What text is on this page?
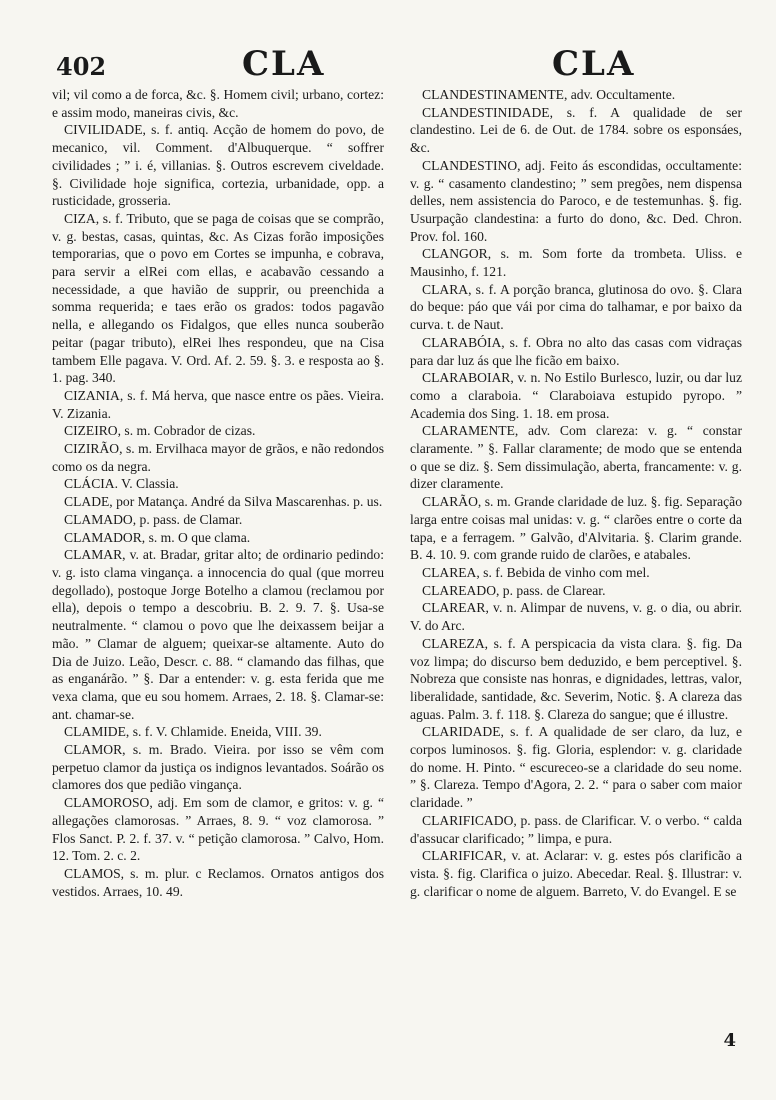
402	CLA	CLA

vil; vil como a de forca, &c. §. Homem civil; urbano, cortez: e assim modo, maneiras civis, &c.

CIVILIDADE, s. f. antiq. Acção de homem do povo, de mecanico, vil. Comment. d'Albuquerque. “ soffrer civilidades ; ” i. é, villanias. §. Outros escrevem civeldade. §. Civilidade hoje significa, cortezia, urbanidade, opp. a rusticidade, grosseria.

CIZA, s. f. Tributo, que se paga de coisas que se comprão, v. g. bestas, casas, quintas, &c. As Cizas forão imposições temporarias, que o povo em Cortes se impunha, e cobrava, para servir a elRei com ellas, e acabavão cessando a necessidade, a que havião de supprir, ou preenchida a somma requerida; e taes erão os grados: todos pagavão nella, e allegando os Fidalgos, que elles nunca souberão peitar (pagar tributo), elRei lhes respondeu, que na Cisa tambem Elle pagava. V. Ord. Af. 2. 59. §. 3. e resposta ao §. 1. pag. 340.

CIZANIA, s. f. Má herva, que nasce entre os pães. Vieira. V. Zizania.

CIZEIRO, s. m. Cobrador de cizas.

CIZIRÃO, s. m. Ervilhaca mayor de grãos, e não redondos como os da negra.

CLÁCIA. V. Classia.

CLADE, por Matança. André da Silva Mascarenhas. p. us.

CLAMADO, p. pass. de Clamar.

CLAMADOR, s. m. O que clama.

CLAMAR, v. at. Bradar, gritar alto; de ordinario pedindo: v. g. isto clama vingança. a innocencia do qual (que morreu degollado), postoque Jorge Botelho a clamou (reclamou por ella), depois o tempo a descobriu. B. 2. 9. 7. §. Usa-se neutralmente. “ clamou o povo que lhe deixassem beijar a mão. ” Clamar de alguem; queixar-se altamente. Auto do Dia de Juizo. Leão, Descr. c. 88. “ clamando das filhas, que as enganárão. ” §. Dar a entender: v. g. esta ferida que me vexa clama, que eu sou homem. Arraes, 2. 18. §. Clamar-se: ant. chamar-se.

CLAMIDE, s. f. V. Chlamide. Eneida, VIII. 39.

CLAMOR, s. m. Brado. Vieira. por isso se vêm com perpetuo clamor da justiça os indignos levantados. Soárão os clamores dos que pedião vingança.

CLAMOROSO, adj. Em som de clamor, e gritos: v. g. “ allegações clamorosas. ” Arraes, 8. 9. “ voz clamorosa. ” Flos Sanct. P. 2. f. 37. v. “ petição clamorosa. ” Calvo, Hom. 12. Tom. 2. c. 2.

CLAMOS, s. m. plur. c Reclamos. Ornatos antigos dos vestidos. Arraes, 10. 49.

CLANDESTINAMENTE, adv. Occultamente.

CLANDESTINIDADE, s. f. A qualidade de ser clandestino. Lei de 6. de Out. de 1784. sobre os esponsáes, &c.

CLANDESTINO, adj. Feito ás escondidas, occultamente: v. g. “ casamento clandestino; ” sem pregões, nem dispensa delles, nem assistencia do Paroco, e de testemunhas. §. fig. Usurpação clandestina: a furto do dono, &c. Ded. Chron. Prov. fol. 160.

CLANGOR, s. m. Som forte da trombeta. Uliss. e Mausinho, f. 121.

CLARA, s. f. A porção branca, glutinosa do ovo. §. Clara do beque: páo que vái por cima do talhamar, e por baixo da curva. t. de Naut.

CLARABÓIA, s. f. Obra no alto das casas com vidraças para dar luz ás que lhe ficão em baixo.

CLARABOIAR, v. n. No Estilo Burlesco, luzir, ou dar luz como a claraboia. “ Claraboiava estupido pyropo. ” Academia dos Sing. 1. 18. em prosa.

CLARAMENTE, adv. Com clareza: v. g. “ constar claramente. ” §. Fallar claramente; de modo que se entenda o que se diz. §. Sem dissimulação, aberta, francamente: v. g. dizer claramente.

CLARÃO, s. m. Grande claridade de luz. §. fig. Separação larga entre coisas mal unidas: v. g. “ clarões entre o corte da tapa, e a ferragem. ” Galvão, d'Alvitaria. §. Clarim grande. B. 4. 10. 9. com grande ruido de clarões, e atabales.

CLAREA, s. f. Bebida de vinho com mel.

CLAREADO, p. pass. de Clarear.

CLAREAR, v. n. Alimpar de nuvens, v. g. o dia, ou abrir. V. do Arc.

CLAREZA, s. f. A perspicacia da vista clara. §. fig. Da voz limpa; do discurso bem deduzido, e bem perceptivel. §. Nobreza que consiste nas honras, e dignidades, lettras, valor, liberalidade, santidade, &c. Severim, Notic. §. A clareza das aguas. Palm. 3. f. 118. §. Clareza do sangue; que é illustre.

CLARIDADE, s. f. A qualidade de ser claro, da luz, e corpos luminosos. §. fig. Gloria, esplendor: v. g. claridade do nome. H. Pinto. “ escureceo-se a claridade do seu nome. ” §. Clareza. Tempo d'Agora, 2. 2. “ para o saber com maior claridade. ”

CLARIFICADO, p. pass. de Clarificar. V. o verbo. “ calda d'assucar clarificado; ” limpa, e pura.

CLARIFICAR, v. at. Aclarar: v. g. estes pós clarificão a vista. §. fig. Clarifica o juizo. Abecedar. Real. §. Illustrar: v. g. clarificar o nome de alguem. Barreto, V. do Evangel. E se

4
